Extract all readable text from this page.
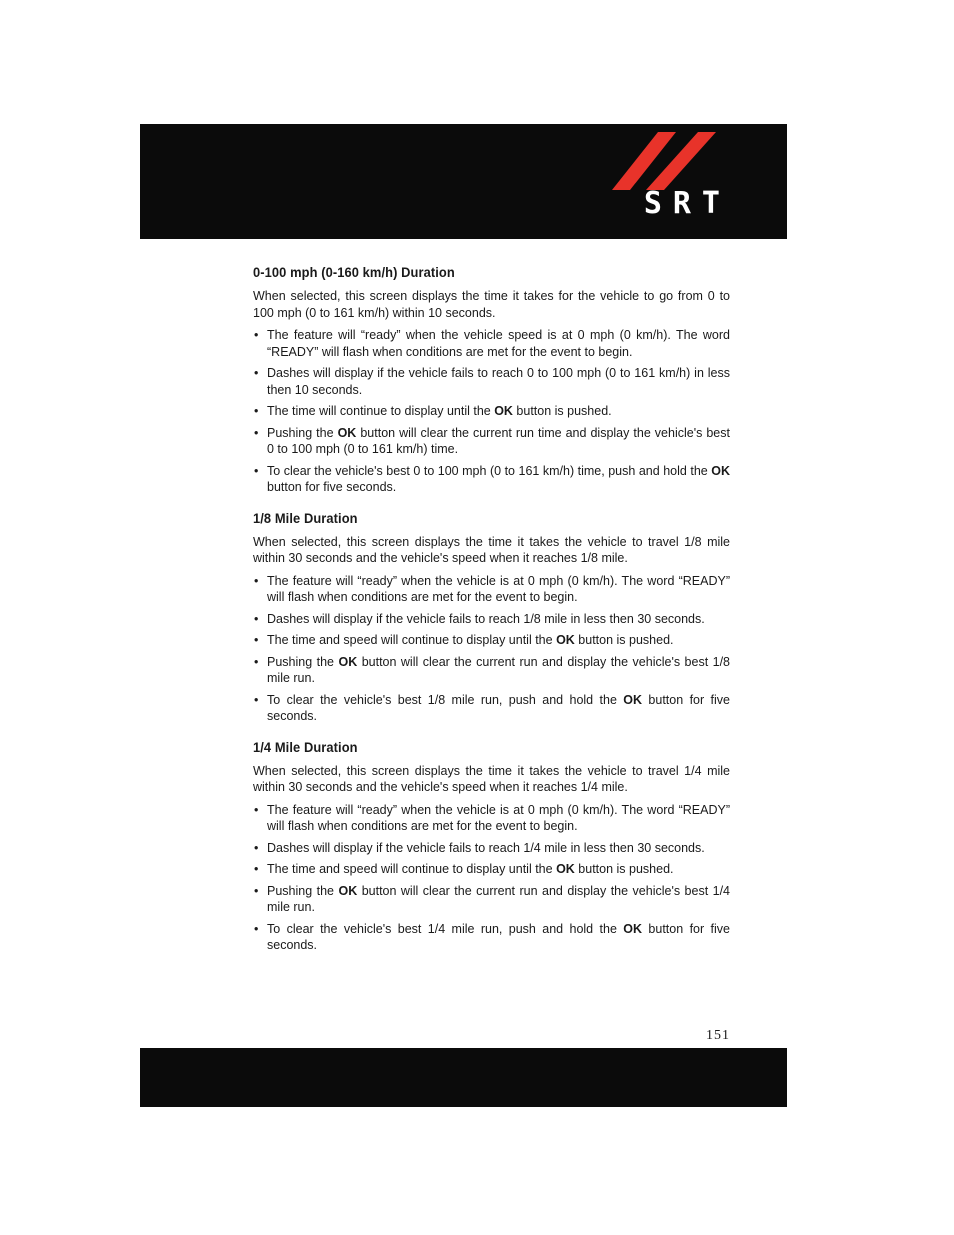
SRT
0-100 mph (0-160 km/h) Duration

When selected, this screen displays the time it takes for the vehicle to go from 0 to 100 mph (0 to 161 km/h) within 10 seconds.

• The feature will “ready” when the vehicle speed is at 0 mph (0 km/h). The word “READY” will flash when conditions are met for the event to begin.
• Dashes will display if the vehicle fails to reach 0 to 100 mph (0 to 161 km/h) in less then 10 seconds.
• The time will continue to display until the OK button is pushed.
• Pushing the OK button will clear the current run time and display the vehicle's best 0 to 100 mph (0 to 161 km/h) time.
• To clear the vehicle's best 0 to 100 mph (0 to 161 km/h) time, push and hold the OK button for five seconds.
1/8 Mile Duration

When selected, this screen displays the time it takes the vehicle to travel 1/8 mile within 30 seconds and the vehicle's speed when it reaches 1/8 mile.

• The feature will “ready” when the vehicle is at 0 mph (0 km/h). The word “READY” will flash when conditions are met for the event to begin.
• Dashes will display if the vehicle fails to reach 1/8 mile in less then 30 seconds.
• The time and speed will continue to display until the OK button is pushed.
• Pushing the OK button will clear the current run and display the vehicle's best 1/8 mile run.
• To clear the vehicle's best 1/8 mile run, push and hold the OK button for five seconds.
1/4 Mile Duration

When selected, this screen displays the time it takes the vehicle to travel 1/4 mile within 30 seconds and the vehicle's speed when it reaches 1/4 mile.

• The feature will “ready” when the vehicle is at 0 mph (0 km/h). The word “READY” will flash when conditions are met for the event to begin.
• Dashes will display if the vehicle fails to reach 1/4 mile in less then 30 seconds.
• The time and speed will continue to display until the OK button is pushed.
• Pushing the OK button will clear the current run and display the vehicle's best 1/4 mile run.
• To clear the vehicle's best 1/4 mile run, push and hold the OK button for five seconds.
151
